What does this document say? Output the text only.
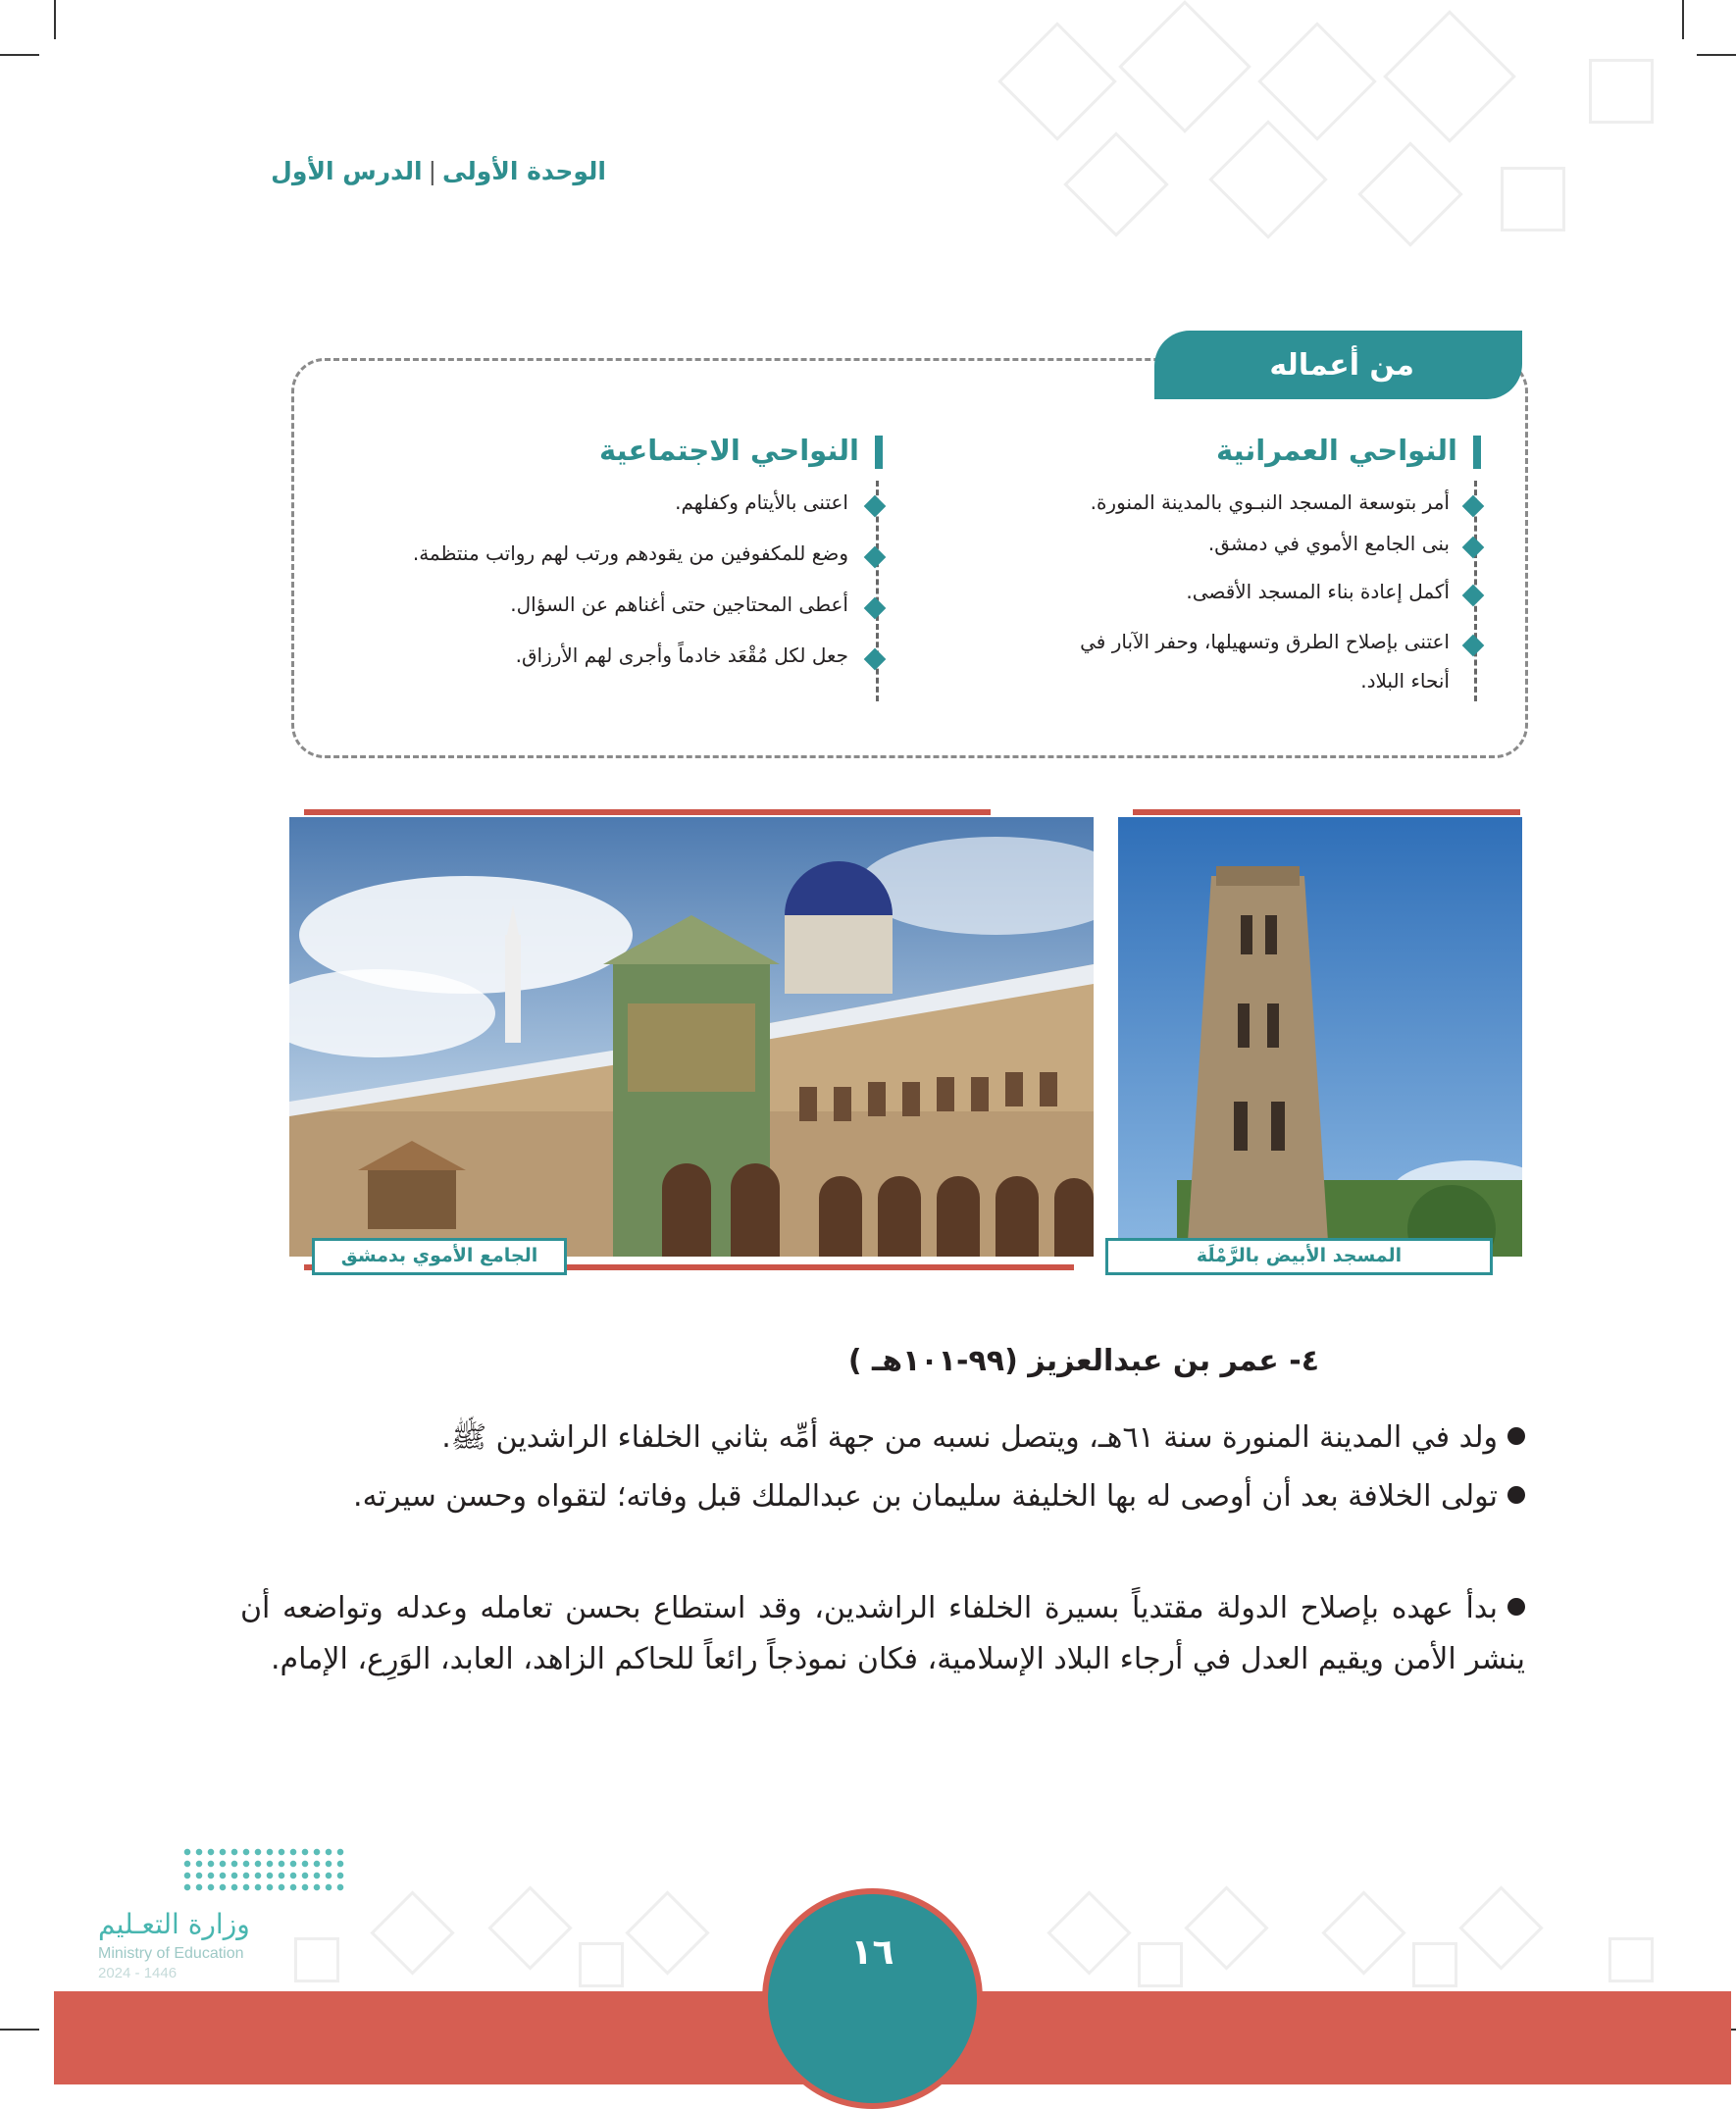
الوحدة الأولى|الدرس الأول
من أعماله
النواحي العمرانية
النواحي الاجتماعية
أمر بتوسعة المسجد النبـوي بالمدينة المنورة.
بنى الجامع الأموي في دمشق.
أكمل إعادة بناء المسجد الأقصى.
اعتنى بإصلاح الطرق وتسهيلها، وحفر الآبار في
أنحاء البلاد.
اعتنى بالأيتام وكفلهم.
وضع للمكفوفين من يقودهم ورتب لهم رواتب منتظمة.
أعطى المحتاجين حتى أغناهم عن السؤال.
جعل لكل مُقْعَد خادماً وأجرى لهم الأرزاق.
الجامع الأموي بدمشق	المسجد الأبيض بالرَّمْلَة
٤- عمر بن عبدالعزيز (٩٩-١٠١هـ )
ولد في المدينة المنورة سنة ٦١هـ، ويتصل نسبه من جهة أمِّه بثاني الخلفاء الراشدين ﷺ.
تولى الخلافة بعد أن أوصى له بها الخليفة سليمان بن عبدالملك قبل وفاته؛ لتقواه وحسن سيرته.
بدأ عهده بإصلاح الدولة مقتدياً بسيرة الخلفاء الراشدين، وقد استطاع بحسن تعامله وعدله وتواضعه أن ينشر الأمن ويقيم العدل في أرجاء البلاد الإسلامية، فكان نموذجاً رائعاً للحاكم الزاهد، العابد، الوَرِع، الإمام.
وزارة التعـليم
Ministry of Education
2024 - 1446
١٦
